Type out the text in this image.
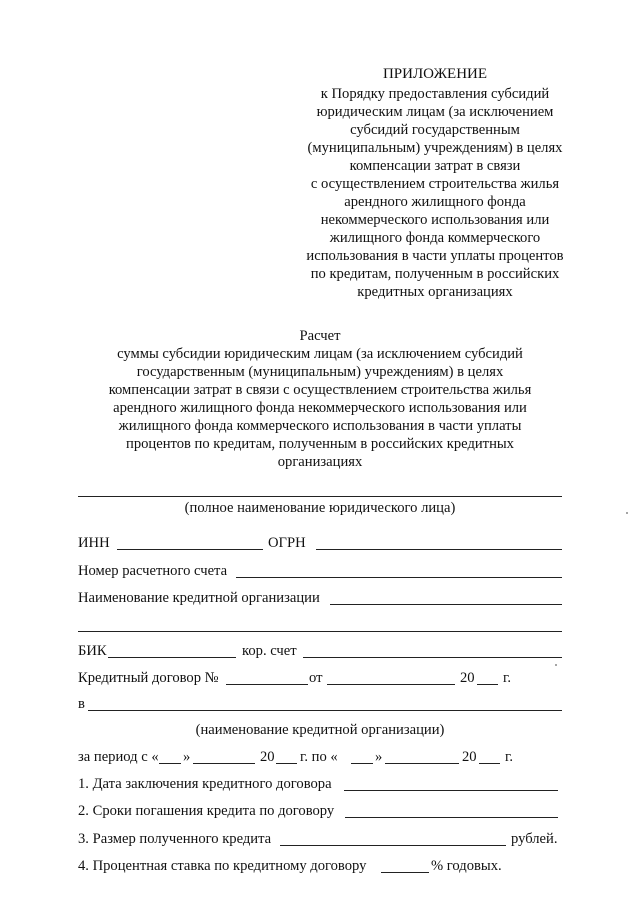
ПРИЛОЖЕНИЕ
к Порядку предоставления субсидий
юридическим лицам (за исключением
субсидий государственным
(муниципальным) учреждениям) в целях
компенсации затрат в связи
с осуществлением строительства жилья
арендного жилищного фонда
некоммерческого использования или
жилищного фонда коммерческого
использования в части уплаты процентов
по кредитам, полученным в российских
кредитных организациях
Расчет
суммы субсидии юридическим лицам (за исключением субсидий
государственным (муниципальным) учреждениям) в целях
компенсации затрат в связи с осуществлением строительства жилья
арендного жилищного фонда некоммерческого использования или
жилищного фонда коммерческого использования в части уплаты
процентов по кредитам, полученным в российских кредитных
организациях
(полное наименование юридического лица)
ИНН	ОГРН
Номер расчетного счета
Наименование кредитной организации
БИК	кор. счет
Кредитный договор №	от	20 г.
в
(наименование кредитной организации)
за период с « »	20 г. по «	»	20 г.
1. Дата заключения кредитного договора
2. Сроки погашения кредита по договору
3. Размер полученного кредита	рублей.
4. Процентная ставка по кредитному договору	% годовых.
